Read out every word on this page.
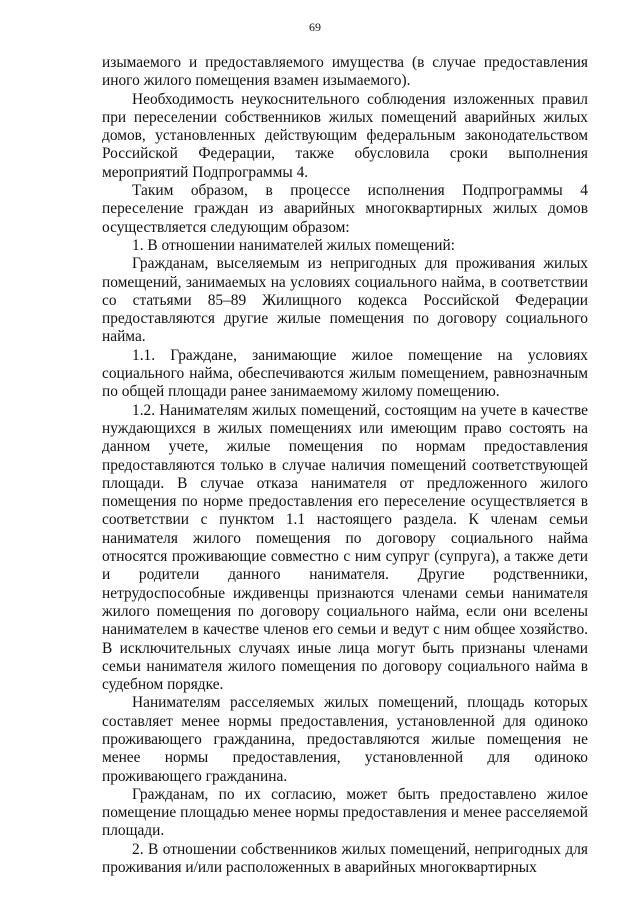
69

изымаемого и предоставляемого имущества (в случае предоставления иного жилого помещения взамен изымаемого).

Необходимость неукоснительного соблюдения изложенных правил при переселении собственников жилых помещений аварийных жилых домов, установленных действующим федеральным законодательством Российской Федерации, также обусловила сроки выполнения мероприятий Подпрограммы 4.

Таким образом, в процессе исполнения Подпрограммы 4 переселение граждан из аварийных многоквартирных жилых домов осуществляется следующим образом:

1. В отношении нанимателей жилых помещений:

Гражданам, выселяемым из непригодных для проживания жилых помещений, занимаемых на условиях социального найма, в соответствии со статьями 85–89 Жилищного кодекса Российской Федерации предоставляются другие жилые помещения по договору социального найма.

1.1. Граждане, занимающие жилое помещение на условиях социального найма, обеспечиваются жилым помещением, равнозначным по общей площади ранее занимаемому жилому помещению.

1.2. Нанимателям жилых помещений, состоящим на учете в качестве нуждающихся в жилых помещениях или имеющим право состоять на данном учете, жилые помещения по нормам предоставления предоставляются только в случае наличия помещений соответствующей площади. В случае отказа нанимателя от предложенного жилого помещения по норме предоставления его переселение осуществляется в соответствии с пунктом 1.1 настоящего раздела. К членам семьи нанимателя жилого помещения по договору социального найма относятся проживающие совместно с ним супруг (супруга), а также дети и родители данного нанимателя. Другие родственники, нетрудоспособные иждивенцы признаются членами семьи нанимателя жилого помещения по договору социального найма, если они вселены нанимателем в качестве членов его семьи и ведут с ним общее хозяйство. В исключительных случаях иные лица могут быть признаны членами семьи нанимателя жилого помещения по договору социального найма в судебном порядке.

Нанимателям расселяемых жилых помещений, площадь которых составляет менее нормы предоставления, установленной для одиноко проживающего гражданина, предоставляются жилые помещения не менее нормы предоставления, установленной для одиноко проживающего гражданина.

Гражданам, по их согласию, может быть предоставлено жилое помещение площадью менее нормы предоставления и менее расселяемой площади.

2. В отношении собственников жилых помещений, непригодных для проживания и/или расположенных в аварийных многоквартирных
